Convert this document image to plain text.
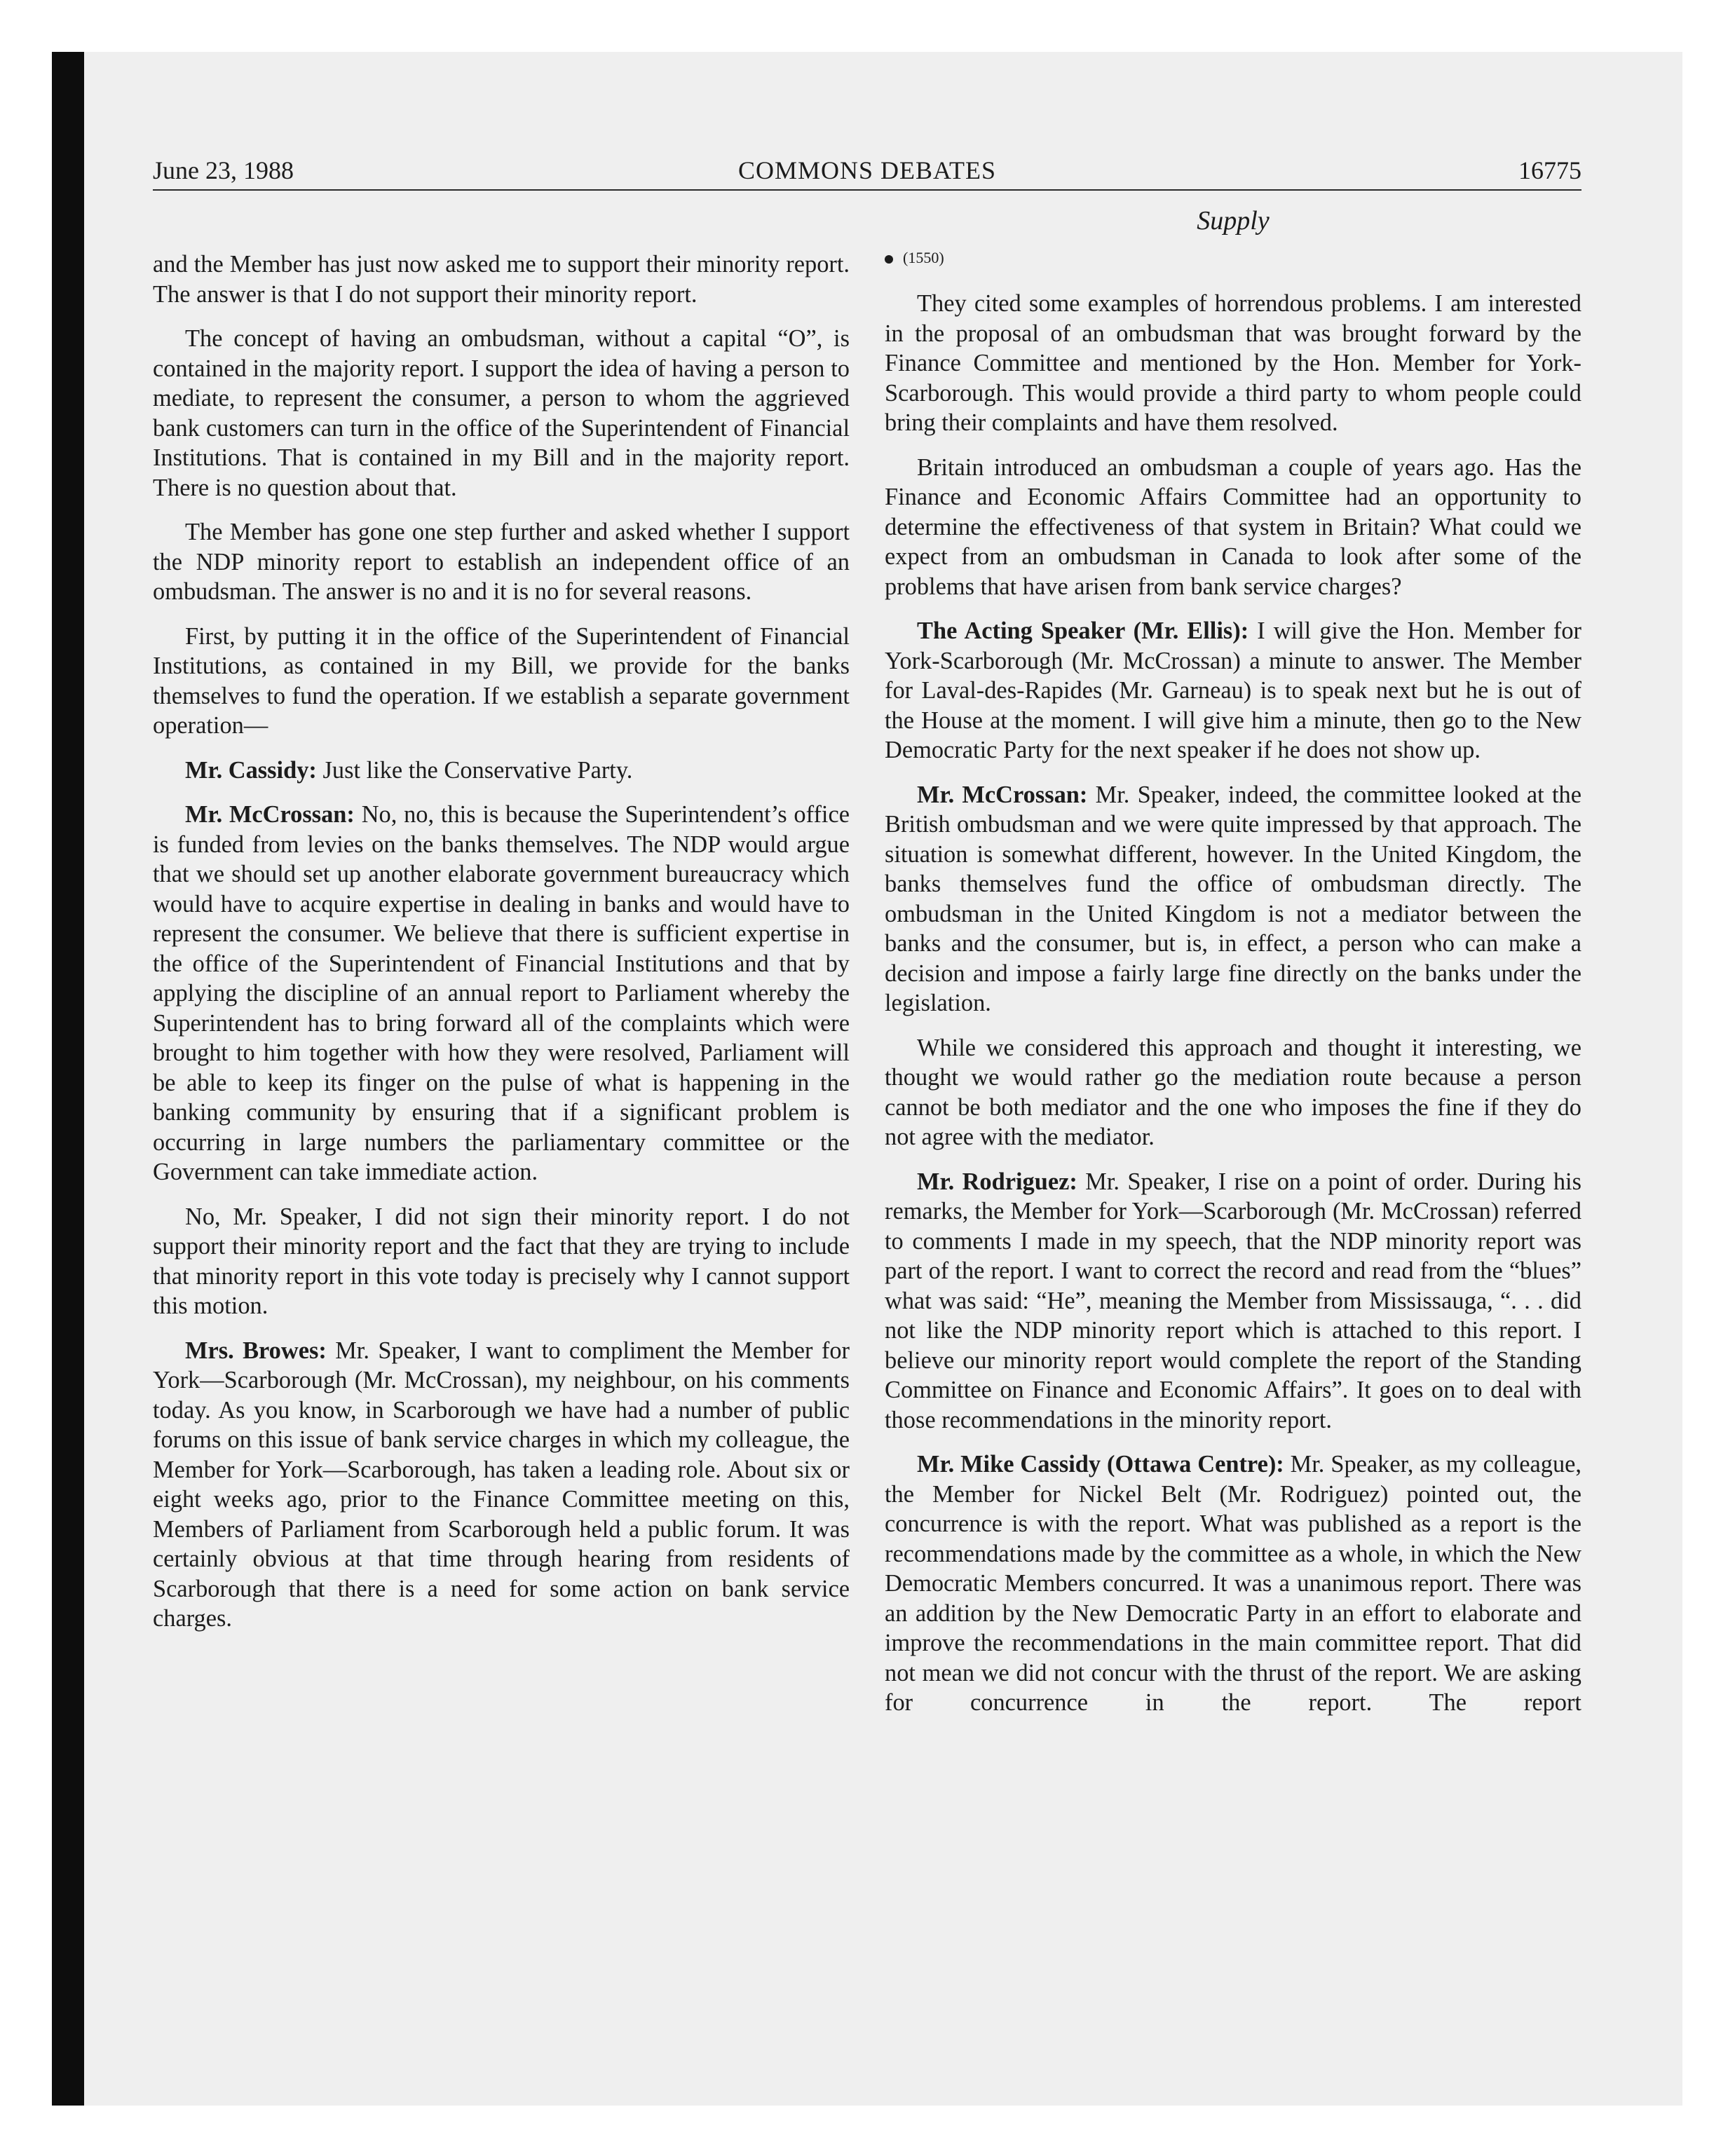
June 23, 1988	COMMONS DEBATES	16775
Supply

and the Member has just now asked me to support their minority report. The answer is that I do not support their minority report.

The concept of having an ombudsman, without a capital “O”, is contained in the majority report. I support the idea of having a person to mediate, to represent the consumer, a person to whom the aggrieved bank customers can turn in the office of the Superintendent of Financial Institutions. That is contained in my Bill and in the majority report. There is no question about that.

The Member has gone one step further and asked whether I support the NDP minority report to establish an independent office of an ombudsman. The answer is no and it is no for several reasons.

First, by putting it in the office of the Superintendent of Financial Institutions, as contained in my Bill, we provide for the banks themselves to fund the operation. If we establish a separate government operation—

Mr. Cassidy: Just like the Conservative Party.

Mr. McCrossan: No, no, this is because the Superintendent’s office is funded from levies on the banks themselves. The NDP would argue that we should set up another elaborate government bureaucracy which would have to acquire expertise in dealing in banks and would have to represent the consumer. We believe that there is sufficient expertise in the office of the Superintendent of Financial Institutions and that by applying the discipline of an annual report to Parliament whereby the Superintendent has to bring forward all of the complaints which were brought to him together with how they were resolved, Parliament will be able to keep its finger on the pulse of what is happening in the banking community by ensuring that if a significant problem is occurring in large numbers the parliamentary committee or the Government can take immediate action.

No, Mr. Speaker, I did not sign their minority report. I do not support their minority report and the fact that they are trying to include that minority report in this vote today is precisely why I cannot support this motion.

Mrs. Browes: Mr. Speaker, I want to compliment the Member for York—Scarborough (Mr. McCrossan), my neighbour, on his comments today. As you know, in Scarborough we have had a number of public forums on this issue of bank service charges in which my colleague, the Member for York—Scarborough, has taken a leading role. About six or eight weeks ago, prior to the Finance Committee meeting on this, Members of Parliament from Scarborough held a public forum. It was certainly obvious at that time through hearing from residents of Scarborough that there is a need for some action on bank service charges.

(1550)

They cited some examples of horrendous problems. I am interested in the proposal of an ombudsman that was brought forward by the Finance Committee and mentioned by the Hon. Member for York-Scarborough. This would provide a third party to whom people could bring their complaints and have them resolved.

Britain introduced an ombudsman a couple of years ago. Has the Finance and Economic Affairs Committee had an opportunity to determine the effectiveness of that system in Britain? What could we expect from an ombudsman in Canada to look after some of the problems that have arisen from bank service charges?

The Acting Speaker (Mr. Ellis): I will give the Hon. Member for York-Scarborough (Mr. McCrossan) a minute to answer. The Member for Laval-des-Rapides (Mr. Garneau) is to speak next but he is out of the House at the moment. I will give him a minute, then go to the New Democratic Party for the next speaker if he does not show up.

Mr. McCrossan: Mr. Speaker, indeed, the committee looked at the British ombudsman and we were quite impressed by that approach. The situation is somewhat different, however. In the United Kingdom, the banks themselves fund the office of ombudsman directly. The ombudsman in the United Kingdom is not a mediator between the banks and the consumer, but is, in effect, a person who can make a decision and impose a fairly large fine directly on the banks under the legislation.

While we considered this approach and thought it interesting, we thought we would rather go the mediation route because a person cannot be both mediator and the one who imposes the fine if they do not agree with the mediator.

Mr. Rodriguez: Mr. Speaker, I rise on a point of order. During his remarks, the Member for York—Scarborough (Mr. McCrossan) referred to comments I made in my speech, that the NDP minority report was part of the report. I want to correct the record and read from the “blues” what was said: “He”, meaning the Member from Mississauga, “. . . did not like the NDP minority report which is attached to this report. I believe our minority report would complete the report of the Standing Committee on Finance and Economic Affairs”. It goes on to deal with those recommendations in the minority report.

Mr. Mike Cassidy (Ottawa Centre): Mr. Speaker, as my colleague, the Member for Nickel Belt (Mr. Rodriguez) pointed out, the concurrence is with the report. What was published as a report is the recommendations made by the committee as a whole, in which the New Democratic Members concurred. It was a unanimous report. There was an addition by the New Democratic Party in an effort to elaborate and improve the recommendations in the main committee report. That did not mean we did not concur with the thrust of the report. We are asking for concurrence in the report. The report
